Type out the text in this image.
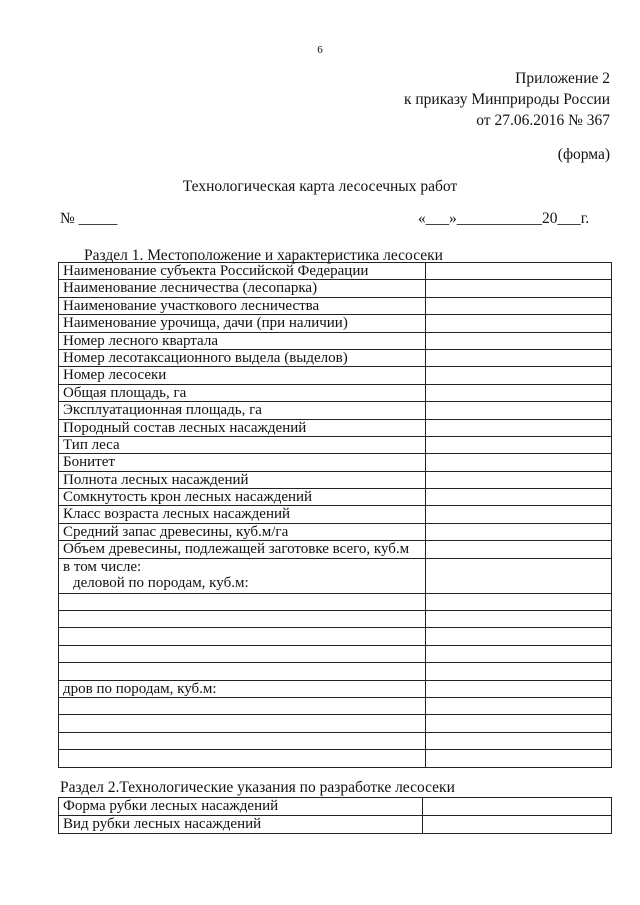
6
Приложение 2
к приказу Минприроды России
от 27.06.2016 № 367
(форма)
Технологическая карта лесосечных работ
№ _____	«___»___________20___г.
Раздел 1. Местоположение и характеристика лесосеки
Наименование субъекта Российской Федерации	
Наименование лесничества (лесопарка)	
Наименование участкового лесничества	
Наименование урочища, дачи (при наличии)	
Номер лесного квартала	
Номер лесотаксационного выдела (выделов)	
Номер лесосеки	
Общая площадь, га	
Эксплуатационная площадь, га	
Породный состав лесных насаждений	
Тип леса	
Бонитет	
Полнота лесных насаждений	
Сомкнутость крон лесных насаждений	
Класс возраста лесных насаждений	
Средний запас древесины, куб.м/га	
Объем древесины, подлежащей заготовке всего, куб.м	
в том числе:
деловой по породам, куб.м:	

дров по породам, куб.м:	

Раздел 2.Технологические указания по разработке лесосеки
Форма рубки лесных насаждений	
Вид рубки лесных насаждений	
